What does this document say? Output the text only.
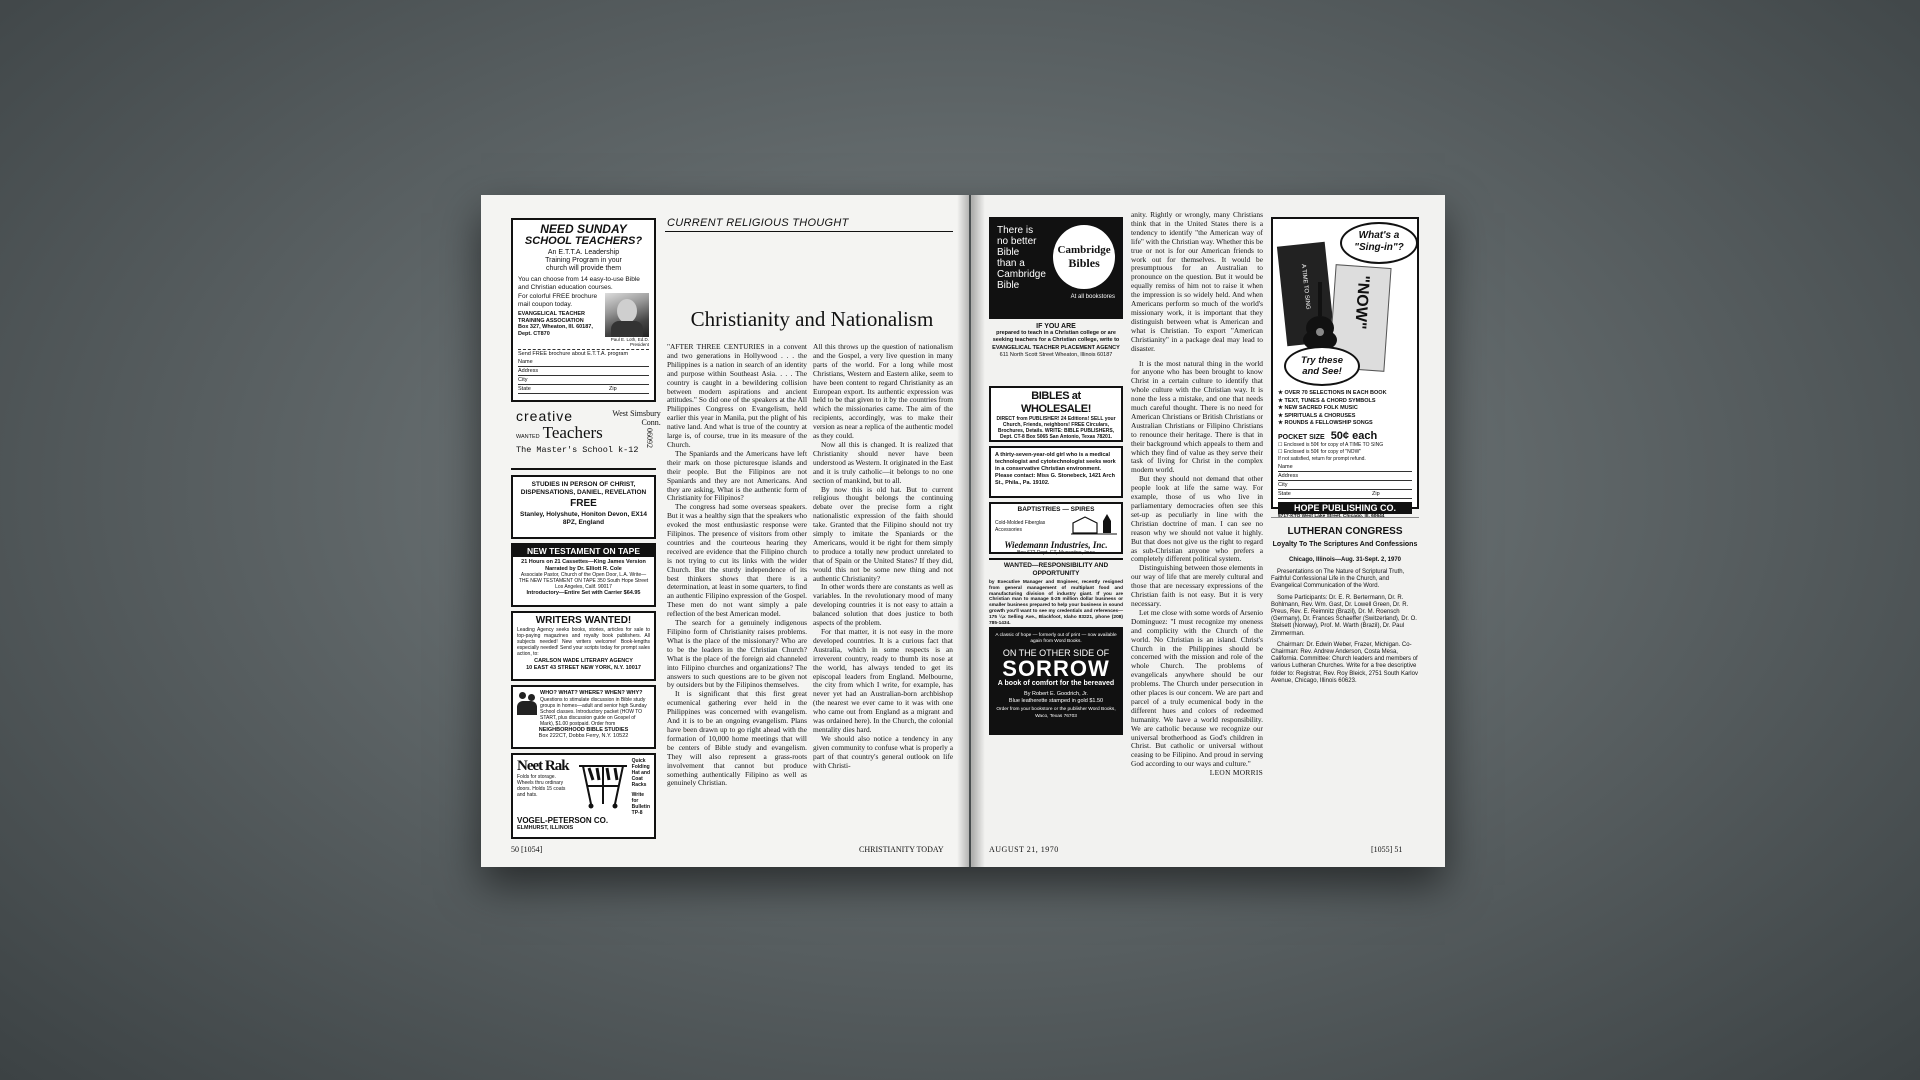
NEED SUNDAY
SCHOOL TEACHERS?
An E.T.T.A. Leadership
Training Program in your
church will provide them
You can choose from 14 easy-to-use Bible and Christian education courses.
For colorful FREE brochure mail coupon today.
EVANGELICAL TEACHER TRAINING ASSOCIATION
Box 327, Wheaton, Ill. 60187, Dept. CT870
Paul E. Loth, Ed.D. President
Send FREE brochure about E.T.T.A. program
Name
Address
City
State	Zip
creative
WANTED Teachers
West Simsbury Conn.
06092
The Master's School k-12
STUDIES IN PERSON OF CHRIST, DISPENSATIONS, DANIEL, REVELATION
FREE
Stanley, Holyshute, Honiton Devon, EX14 8PZ, England
NEW TESTAMENT ON TAPE
21 Hours on 21 Cassettes—King James Version
Narrated by Dr. Elliott R. Cole
Associate Pastor, Church of the Open Door, L.A. Write—THE NEW TESTAMENT ON TAPE 350 South Hope Street Los Angeles, Calif. 90017
Introductory—Entire Set with Carrier $64.95
WRITERS WANTED!
Leading Agency seeks books, stories, articles for sale to top-paying magazines and royalty book publishers. All subjects needed! New writers welcome! Book-lengths especially needed! Send your scripts today for prompt sales action, to:
CARLSON WADE LITERARY AGENCY
10 EAST 43 STREET NEW YORK, N.Y. 10017
WHO? WHAT? WHERE? WHEN? WHY?
Questions to stimulate discussion in Bible study groups in homes—adult and senior high Sunday School classes. Introductory packet (HOW TO START, plus discussion guide on Gospel of Mark), $1.00 postpaid. Order from
NEIGHBORHOOD BIBLE STUDIES
Box 222CT, Dobbs Ferry, N.Y. 10522
Neet Rak
Folds for storage. Wheels thru ordinary doors. Holds 15 coats and hats.
Quick Folding Hat and Coat Racks
Write for Bulletin TP-8
VOGEL-PETERSON CO.
ELMHURST, ILLINOIS
CURRENT RELIGIOUS THOUGHT
Christianity and Nationalism

"AFTER THREE CENTURIES in a convent and two generations in Hollywood . . . the Philippines is a nation in search of an identity and purpose within Southeast Asia. . . . The country is caught in a bewildering collision between modern aspirations and ancient attitudes." So did one of the speakers at the All Philippines Congress on Evangelism, held earlier this year in Manila, put the plight of his native land. And what is true of the country at large is, of course, true in its measure of the Church.

The Spaniards and the Americans have left their mark on those picturesque islands and their people. But the Filipinos are not Spaniards and they are not Americans. And they are asking, What is the authentic form of Christianity for Filipinos?

The congress had some overseas speakers. But it was a healthy sign that the speakers who evoked the most enthusiastic response were Filipinos. The presence of visitors from other countries and the courteous hearing they received are evidence that the Filipino church is not trying to cut its links with the wider Church. But the sturdy independence of its best thinkers shows that there is a determination, at least in some quarters, to find an authentic Filipino expression of the Gospel. These men do not want simply a pale reflection of the best American model.

The search for a genuinely indigenous Filipino form of Christianity raises problems. What is the place of the missionary? Who are to be the leaders in the Christian Church? What is the place of the foreign aid channeled into Filipino churches and organizations? The answers to such questions are to be given not by outsiders but by the Filipinos themselves.

It is significant that this first great ecumenical gathering ever held in the Philippines was concerned with evangelism. And it is to be an ongoing evangelism. Plans have been drawn up to go right ahead with the formation of 10,000 home meetings that will be centers of Bible study and evangelism. They will also represent a grass-roots involvement that cannot but produce something authentically Filipino as well as genuinely Christian.

All this throws up the question of nationalism and the Gospel, a very live question in many parts of the world. For a long while most Christians, Western and Eastern alike, seem to have been content to regard Christianity as an European export. Its authentic expression was held to be that given to it by the countries from which the missionaries came. The aim of the recipients, accordingly, was to make their version as near a replica of the authentic model as they could.

Now all this is changed. It is realized that Christianity should never have been understood as Western. It originated in the East and it is truly catholic—it belongs to no one section of mankind, but to all.

By now this is old hat. But to current religious thought belongs the continuing debate over the precise form a right nationalistic expression of the faith should take. Granted that the Filipino should not try simply to imitate the Spaniards or the Americans, would it be right for them simply to produce a totally new product unrelated to that of Spain or the United States? If they did, would this not be some new thing and not authentic Christianity?

In other words there are constants as well as variables. In the revolutionary mood of many developing countries it is not easy to attain a balanced solution that does justice to both aspects of the problem.

For that matter, it is not easy in the more developed countries. It is a curious fact that Australia, which in some respects is an irreverent country, ready to thumb its nose at the world, has always tended to get its episcopal leaders from England. Melbourne, the city from which I write, for example, has never yet had an Australian-born archbishop (the nearest we ever came to it was with one who came out from England as a migrant and was ordained here). In the Church, the colonial mentality dies hard.

We should also notice a tendency in any given community to confuse what is properly a part of that country's general outlook on life with Christi-

50 [1054]	CHRISTIANITY TODAY
There is
no better
Bible
than a
Cambridge
Bible
Cambridge
Bibles
At all bookstores
IF YOU ARE
prepared to teach in a Christian college or are seeking teachers for a Christian college, write to
EVANGELICAL TEACHER PLACEMENT AGENCY
611 North Scott Street Wheaton, Illinois 60187
BIBLES at WHOLESALE!
DIRECT from PUBLISHER! 24 Editions! SELL your Church, Friends, neighbors! FREE Circulars, Brochures, Details. WRITE: BIBLE PUBLISHERS, Dept. CT-8 Box 5065 San Antonio, Texas 78201.
A thirty-seven-year-old girl who is a medical technologist and cytotechnologist seeks work in a conservative Christian environment. Please contact: Miss G. Stonebeck, 1421 Arch St., Phila., Pa. 19102.
BAPTISTRIES — SPIRES
Cold-Molded Fiberglas
Accessories
Wiedemann Industries, Inc.
Box 672 Dept. ET, Muscatine, Iowa
WANTED—RESPONSIBILITY AND OPPORTUNITY
by Executive Manager and Engineer, recently resigned from general management of multiplant food and manufacturing division of industry giant. If you are Christian man to manage $-25 million dollar business or smaller business prepared to help your business in sound growth you'll want to see my credentials and references—175 ¼x Selling Ave., Blackfoot, Idaho 83221, phone (208) 785-1434.
A classic of hope — formerly out of print — now available again from Word Books.
ON THE OTHER SIDE OF
SORROW
A book of comfort for the bereaved
By Robert E. Goodrich, Jr.
Blue leatherette stamped in gold $1.50
Order from your bookstore or the publisher Word Books, Waco, Texas 76703

anity. Rightly or wrongly, many Christians think that in the United States there is a tendency to identify "the American way of life" with the Christian way. Whether this be true or not is for our American friends to work out for themselves. It would be presumptuous for an Australian to pronounce on the question. But it would be equally remiss of him not to raise it when the impression is so widely held. And when Americans perform so much of the world's missionary work, it is important that they distinguish between what is American and what is Christian. To export "American Christianity" in a package deal may lead to disaster.

It is the most natural thing in the world for anyone who has been brought to know Christ in a certain culture to identify that whole culture with the Christian way. It is none the less a mistake, and one that needs much careful thought. There is no need for American Christians or British Christians or Australian Christians or Filipino Christians to renounce their heritage. There is that in their background which appeals to them and which they find of value as they serve their task of living for Christ in the complex modern world.

But they should not demand that other people look at life the same way. For example, those of us who live in parliamentary democracies often see this set-up as peculiarly in line with the Christian doctrine of man. I can see no reason why we should not value it highly. But that does not give us the right to regard as sub-Christian anyone who prefers a completely different political system.

Distinguishing between those elements in our way of life that are merely cultural and those that are necessary expressions of the Christian faith is not easy. But it is very necessary.

Let me close with some words of Arsenio Dominguez: "I must recognize my oneness and complicity with the Church of the world. No Christian is an island. Christ's Church in the Philippines should be concerned with the mission and role of the whole Church. The problems of evangelicals anywhere should be our problems. The Church under persecution in other places is our concern. We are part and parcel of a truly ecumenical body in the different hues and colors of redeemed humanity. We have a world responsibility. We are catholic because we recognize our universal brotherhood as God's children in Christ. But catholic or universal without ceasing to be Filipino. And proud in serving God according to our ways and culture."

LEON MORRIS
What's a
"Sing-in"?
A TIME TO SING	"NOW"
Try these
and See!
★ OVER 70 SELECTIONS IN EACH BOOK
★ TEXT, TUNES & CHORD SYMBOLS
★ NEW SACRED FOLK MUSIC
★ SPIRITUALS & CHORUSES
★ ROUNDS & FELLOWSHIP SONGS
POCKET SIZE 50¢ each
☐ Enclosed is 50¢ for copy of A TIME TO SING
☐ Enclosed is 50¢ for copy of "NOW"
If not satisfied, return for prompt refund.
Name
Address
City
State	Zip
HOPE PUBLISHING CO.
5717-KTO West Lake Street, Chicago, Ill. 60644
LUTHERAN CONGRESS
Loyalty To The Scriptures And Confessions
Chicago, Illinois—Aug. 31-Sept. 2, 1970
Presentations on The Nature of Scriptural Truth, Faithful Confessional Life in the Church, and Evangelical Communication of the Word.
Some Participants: Dr. E. R. Bertermann, Dr. R. Bohlmann, Rev. Wm. Gast, Dr. Lowell Green, Dr. R. Preus, Rev. E. Reimnitz (Brazil), Dr. M. Roensch (Germany), Dr. Frances Schaeffer (Switzerland), Dr. O. Stelsett (Norway), Prof. M. Warth (Brazil), Dr. Paul Zimmerman.
Chairman: Dr. Edwin Weber, Frazer, Michigan. Co-Chairman: Rev. Andrew Anderson, Costa Mesa, California. Committee: Church leaders and members of various Lutheran Churches. Write for a free descriptive folder to: Registrar, Rev. Roy Bleick, 2751 South Karlov Avenue, Chicago, Illinois 60623.
AUGUST 21, 1970	[1055] 51
